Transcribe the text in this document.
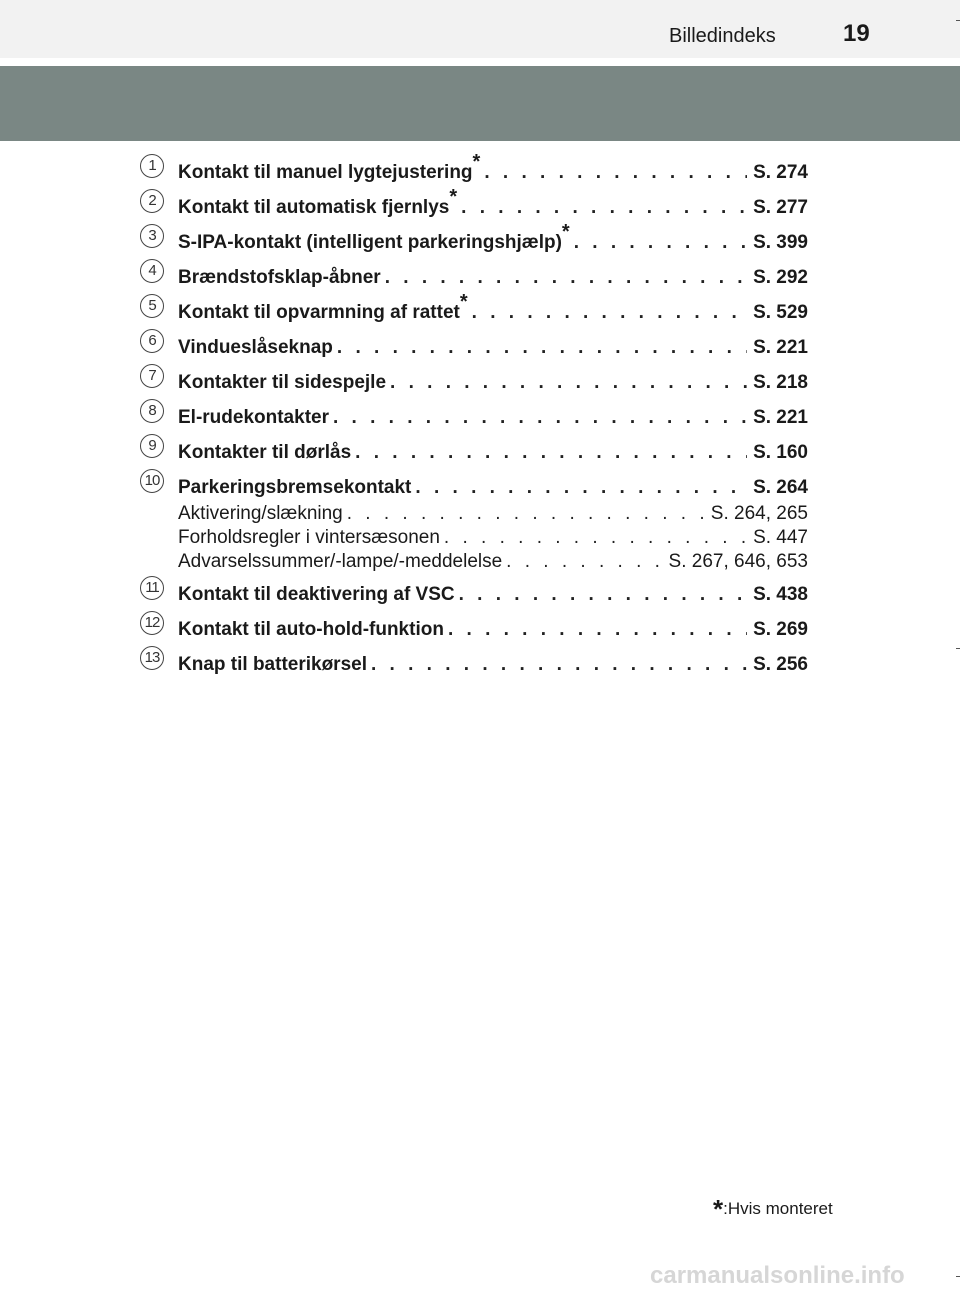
Billedindeks	19
1	Kontakt til manuel lygtejustering* . . .	S. 274
2	Kontakt til automatisk fjernlys* . . .	S. 277
3	S-IPA-kontakt (intelligent parkeringshjælp)* . . .	S. 399
4	Brændstofsklap-åbner . . .	S. 292
5	Kontakt til opvarmning af rattet* . . .	S. 529
6	Vindueslåseknap . . .	S. 221
7	Kontakter til sidespejle . . .	S. 218
8	El-rudekontakter . . .	S. 221
9	Kontakter til dørlås . . .	S. 160
10 Parkeringsbremsekontakt . . .	S. 264
Aktivering/slækning . . .	S. 264, 265
Forholdsregler i vintersæsonen . . .	S. 447
Advarselssummer/-lampe/-meddelelse . . .	S. 267, 646, 653
11 Kontakt til deaktivering af VSC . . .	S. 438
12 Kontakt til auto-hold-funktion . . .	S. 269
13 Knap til batterikørsel . . .	S. 256
*:Hvis monteret
carmanualsonline.info
